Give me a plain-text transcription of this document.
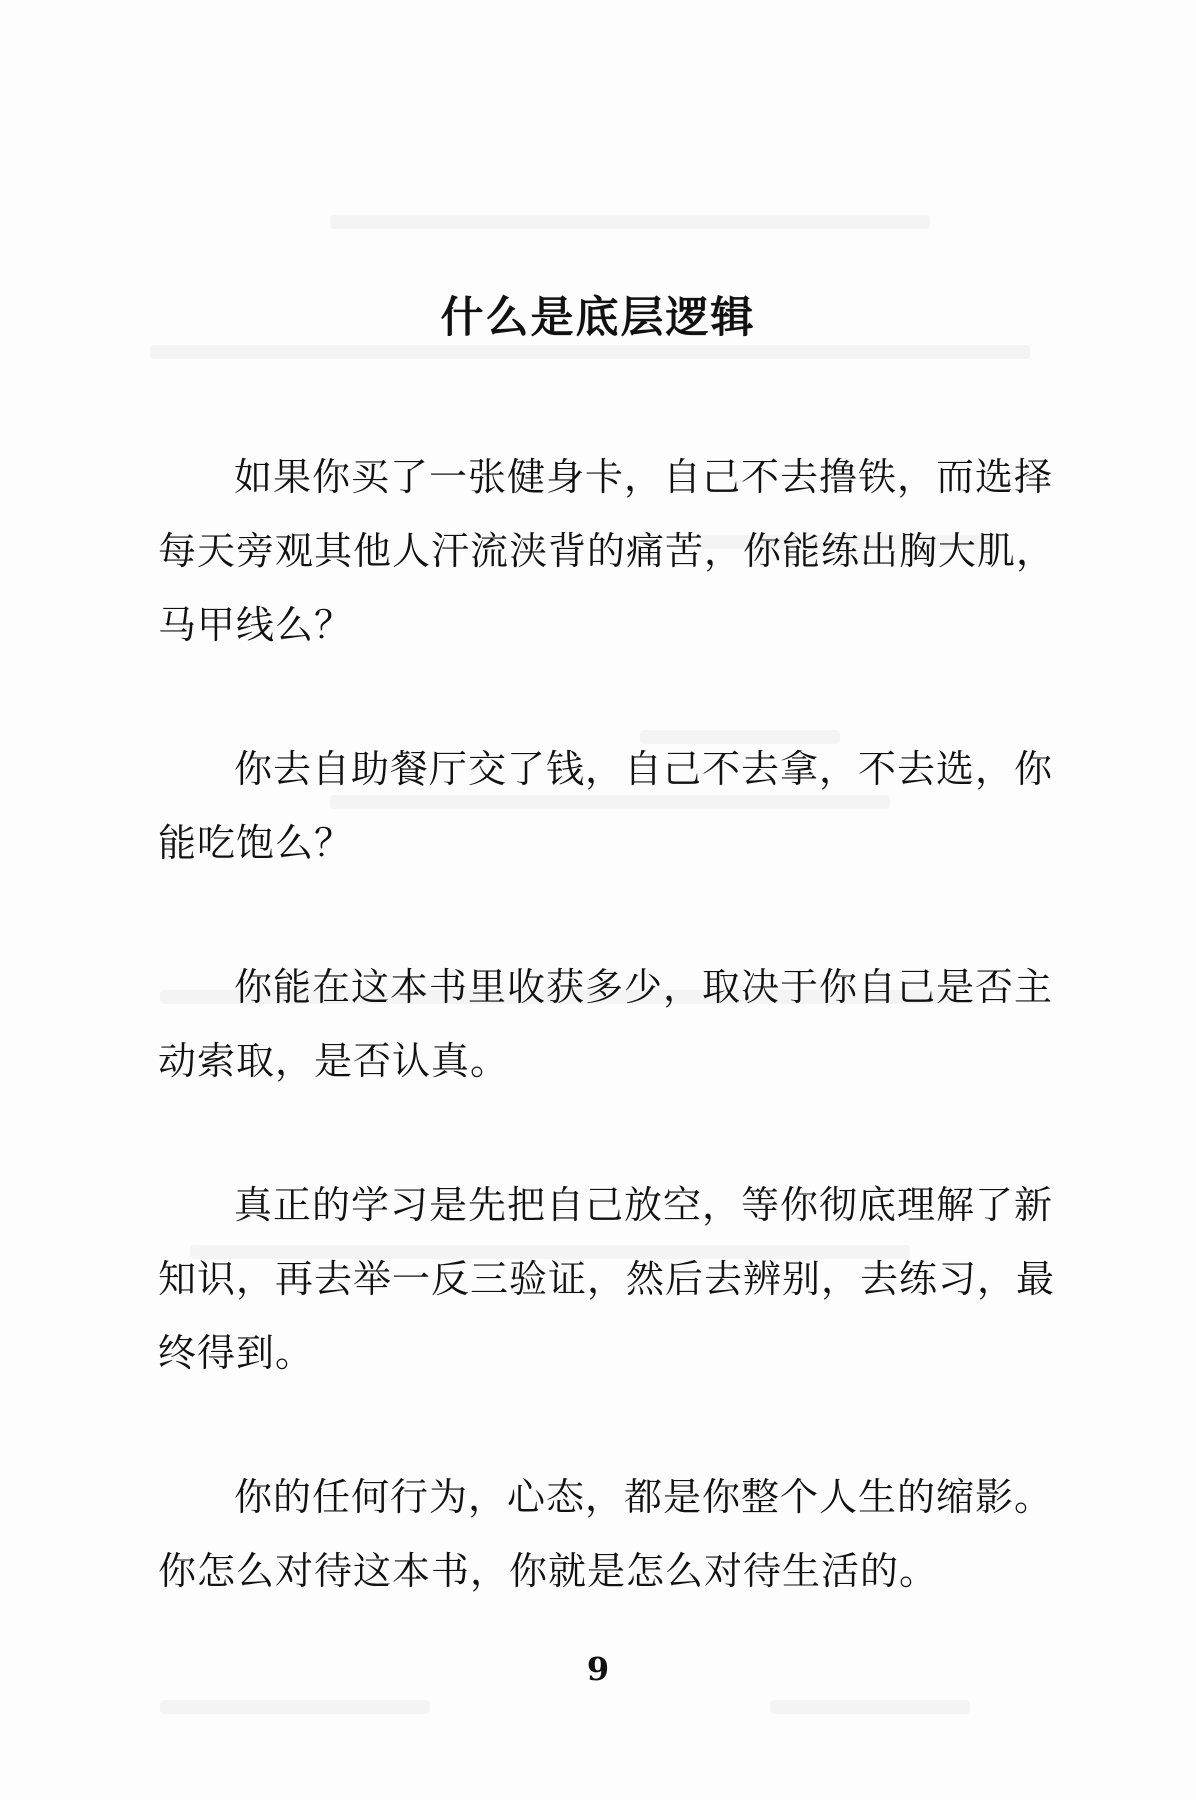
什么是底层逻辑

如果你买了一张健身卡，自己不去撸铁，而选择每天旁观其他人汗流浃背的痛苦，你能练出胸大肌，马甲线么？

你去自助餐厅交了钱，自己不去拿，不去选，你能吃饱么？

你能在这本书里收获多少，取决于你自己是否主动索取，是否认真。

真正的学习是先把自己放空，等你彻底理解了新知识，再去举一反三验证，然后去辨别，去练习，最终得到。

你的任何行为，心态，都是你整个人生的缩影。你怎么对待这本书，你就是怎么对待生活的。

9
